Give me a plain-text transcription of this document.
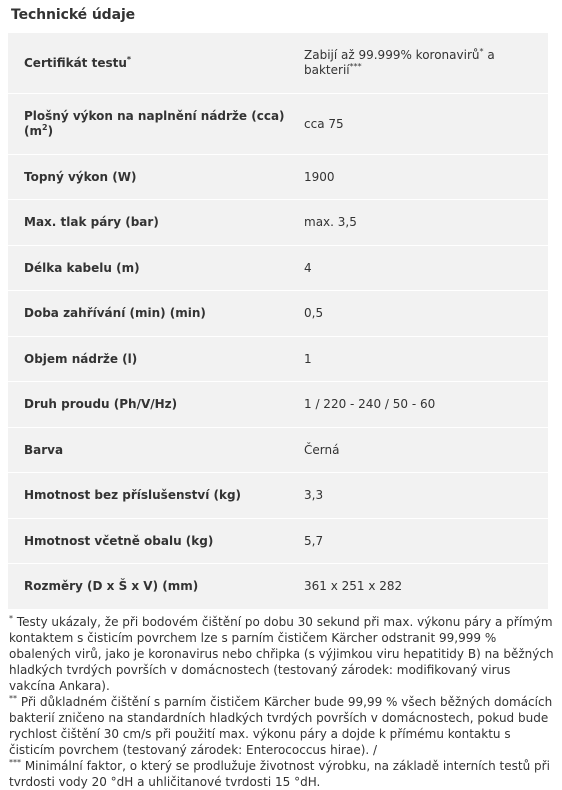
Technické údaje
Certifikát testu*	Zabijí až 99.999% koronavirů* a bakterií***
Plošný výkon na naplnění nádrže (cca) $(m^2)$	cca 75
Topný výkon (W)	1900
Max. tlak páry (bar)	max. 3,5
Délka kabelu (m)	4
Doba zahřívání (min) (min)	0,5
Objem nádrže (l)	1
Druh proudu (Ph/V/Hz)	1 / 220 - 240 / 50 - 60
Barva	Černá
Hmotnost bez příslušenství (kg)	3,3
Hmotnost včetně obalu (kg)	5,7
Rozměry (D x Š x V) (mm)	361 x 251 x 282

* Testy ukázaly, že při bodovém čištění po dobu 30 sekund při max. výkonu páry a přímým kontaktem s čisticím povrchem lze s parním čističem Kärcher odstranit 99,999 % obalených virů, jako je koronavirus nebo chřipka (s výjimkou viru hepatitidy B) na běžných hladkých tvrdých površích v domácnostech (testovaný zárodek: modifikovaný virus vakcína Ankara).

** Při důkladném čištění s parním čističem Kärcher bude 99,99 % všech běžných domácích bakterií zničeno na standardních hladkých tvrdých površích v domácnostech, pokud bude rychlost čištění 30 cm/s při použití max. výkonu páry a dojde k přímému kontaktu s čisticím povrchem (testovaný zárodek: Enterococcus hirae). /

*** Minimální faktor, o který se prodlužuje životnost výrobku, na základě interních testů při tvrdosti vody 20 °dH a uhličitanové tvrdosti 15 °dH.
